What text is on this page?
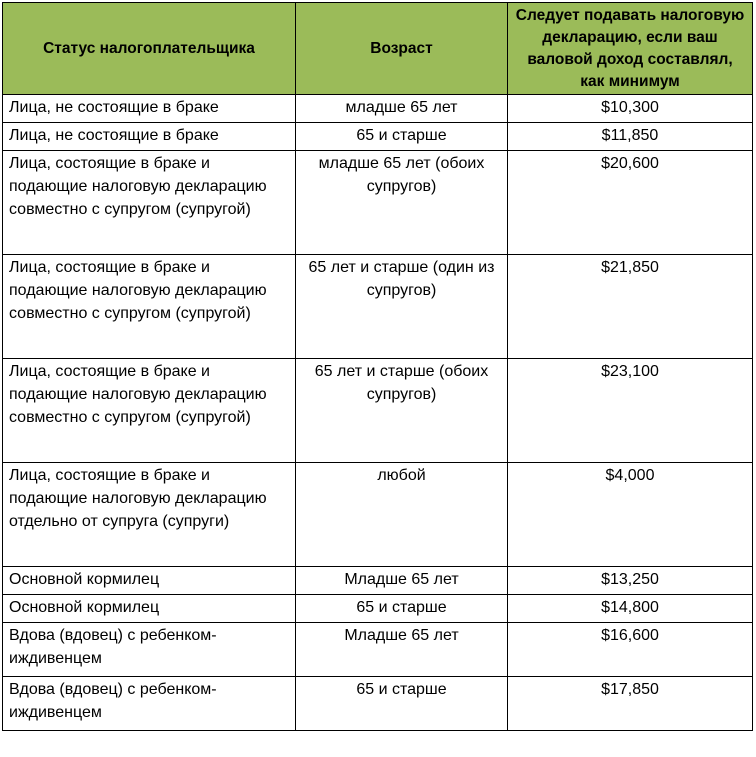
Статус налогоплательщика	Возраст	Следует подавать налоговую декларацию, если ваш валовой доход составлял, как минимум
Лица, не состоящие в браке	младше 65 лет	$10,300
Лица, не состоящие в браке	65 и старше	$11,850
Лица, состоящие в браке и подающие налоговую декларацию совместно с супругом (супругой)	младше 65 лет (обоих супругов)	$20,600
Лица, состоящие в браке и подающие налоговую декларацию совместно с супругом (супругой)	65 лет и старше (один из супругов)	$21,850
Лица, состоящие в браке и подающие налоговую декларацию совместно с супругом (супругой)	65 лет и старше (обоих супругов)	$23,100
Лица, состоящие в браке и подающие налоговую декларацию отдельно от супруга (супруги)	любой	$4,000
Основной кормилец	Младше 65 лет	$13,250
Основной кормилец	65 и старше	$14,800
Вдова (вдовец) с ребенком-иждивенцем	Младше 65 лет	$16,600
Вдова (вдовец) с ребенком-иждивенцем	65 и старше	$17,850
